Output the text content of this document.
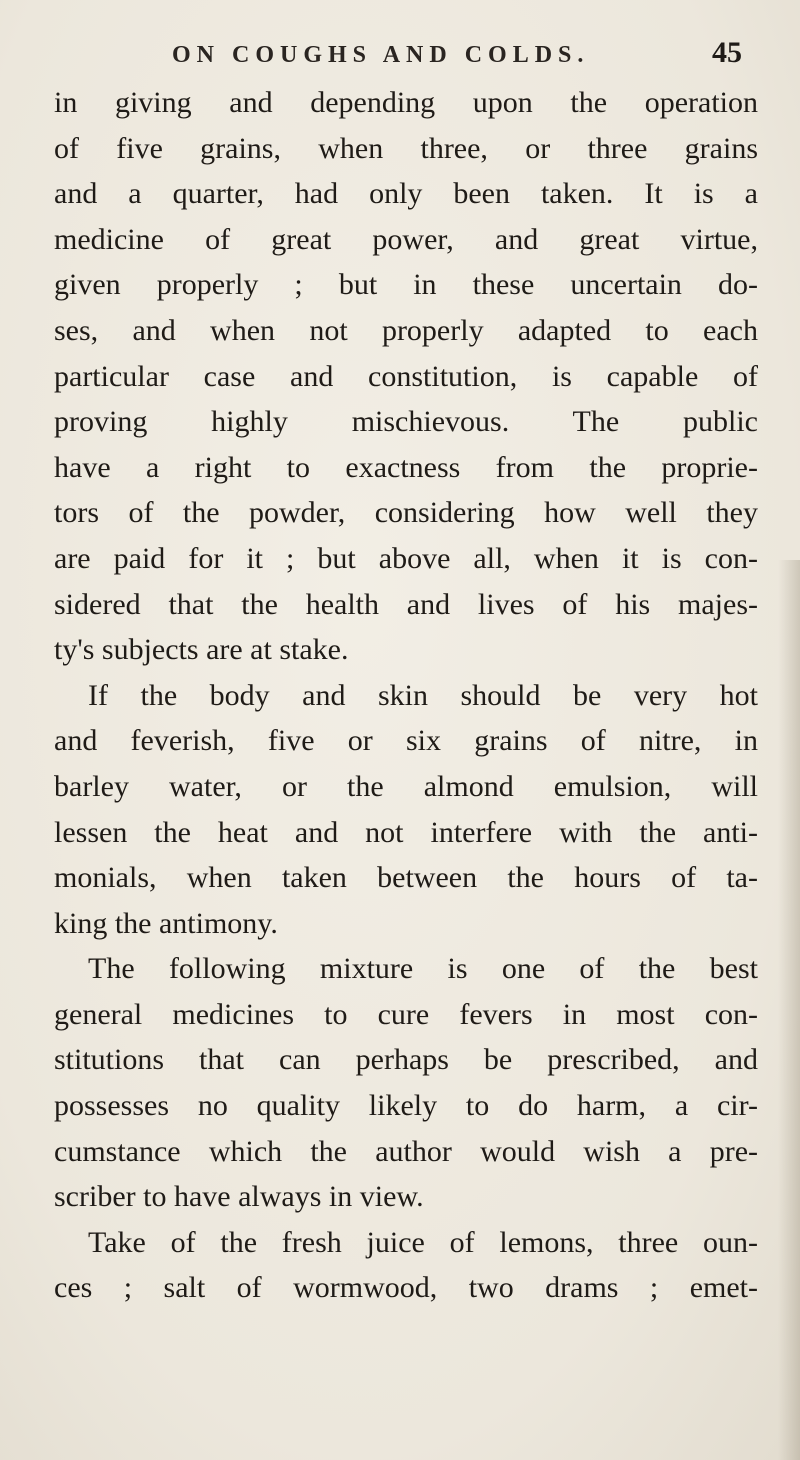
ON COUGHS AND COLDS.	45
in giving and depending upon the operation
of five grains, when three, or three grains
and a quarter, had only been taken. It is a
medicine of great power, and great virtue,
given properly ; but in these uncertain do-
ses, and when not properly adapted to each
particular case and constitution, is capable of
proving highly mischievous. The public
have a right to exactness from the proprie-
tors of the powder, considering how well they
are paid for it ; but above all, when it is con-
sidered that the health and lives of his majes-
ty's subjects are at stake.
If the body and skin should be very hot
and feverish, five or six grains of nitre, in
barley water, or the almond emulsion, will
lessen the heat and not interfere with the anti-
monials, when taken between the hours of ta-
king the antimony.
The following mixture is one of the best
general medicines to cure fevers in most con-
stitutions that can perhaps be prescribed, and
possesses no quality likely to do harm, a cir-
cumstance which the author would wish a pre-
scriber to have always in view.
Take of the fresh juice of lemons, three oun-
ces ; salt of wormwood, two drams ; emet-
